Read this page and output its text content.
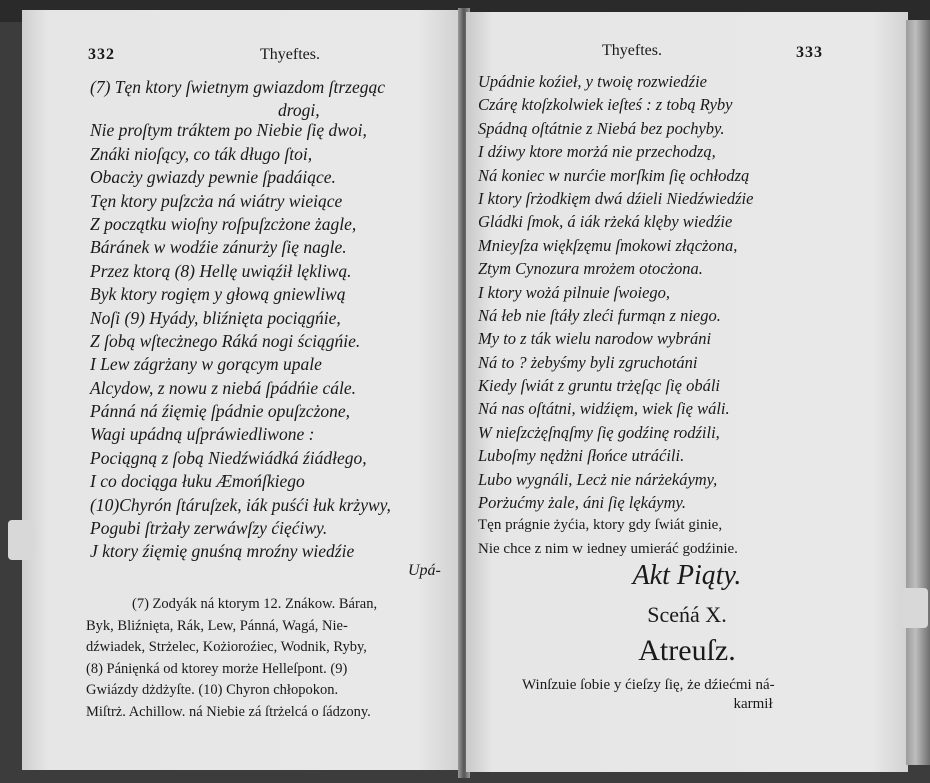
332	Thyeftes.
(7) Tęn ktory ſwietnym gwiazdom ſtrzegąc
drogi,
Nie proſtym tráktem po Niebie ſię dwoi,
Znáki nioſący, co ták długo ſtoi,
Obacży gwiazdy pewnie ſpadáiące.
Tęn ktory puſzcża ná wiátry wieiące
Z początku wioſny roſpuſzcżone żagle,
Báránek w wodźie zánurży ſię nagle.
Przez ktorą (8) Hellę uwiąźił lękliwą.
Byk ktory rogięm y głową gniewliwą
Noſi (9) Hyády, bliźnięta pociągńie,
Z ſobą wſtecżnego Ráká nogi ściągńie.
I Lew zágrżany w gorącym upale
Alcydow, z nowu z niebá ſpádńie cále.
Pánná ná źięmię ſpádnie opuſzcżone,
Wagi upádną uſpráwiedliwone :
Pociągną z ſobą Niedźwiádká źiádłego,
I co dociąga łuku Æmońſkiego
(10)Chyrón ſtáruſzek, iák puśći łuk krżywy,
Pogubi ſtrżały zerwáwſzy ćięćiwy.
J ktory źięmię gnuśną mroźny wiedźie
Upá-
(7) Zodyák ná ktorym 12. Znákow. Báran,
Byk, Bliźnięta, Rák, Lew, Pánná, Wagá, Nie-
dźwiadek, Strżelec, Kożioroźiec, Wodnik, Ryby,
(8) Pánięnká od ktorey morże Helleſpont. (9)
Gwiázdy dżdżyſte. (10) Chyron chłopokon.
Miſtrż. Achillow. ná Niebie zá ſtrżelcá o ſádzony.
Thyeftes.	333
Upádnie koźieł, y twoię rozwiedźie
Czárę ktoſzkolwiek ieſteś : z tobą Ryby
Spádną oſtátnie z Niebá bez pochyby.
I dźiwy ktore morżá nie przechodzą,
Ná koniec w nurćie morſkim ſię ochłodzą
I ktory ſrżodkięm dwá dźieli Niedźwiedźie
Gládki ſmok, á iák rżeká klęby wiedźie
Mnieyſza więkſzęmu ſmokowi złącżona,
Ztym Cynozura mrożem otocżona.
I ktory wożá pilnuie ſwoiego,
Ná łeb nie ſtáły zleći furmąn z niego.
My to z ták wielu narodow wybráni
Ná to ? żebyśmy byli zgruchotáni
Kiedy ſwiát z gruntu trżęſąc ſię obáli
Ná nas oſtátni, widźięm, wiek ſię wáli.
W nieſzcżęſnąſmy ſię godźinę rodźili,
Luboſmy nędżni ſłońce utráćili.
Lubo wygnáli, Lecż nie nárżekáymy,
Porżućmy żale, áni ſię lękáymy.
Tęn prágnie żyćia, ktory gdy ſwiát ginie,
Nie chce z nim w iedney umieráć godźinie.
Akt Piąty.
Sceńá X.
Atreuſz.
Winſzuie ſobie y ćieſzy ſię, że dźiećmi ná-
karmił
